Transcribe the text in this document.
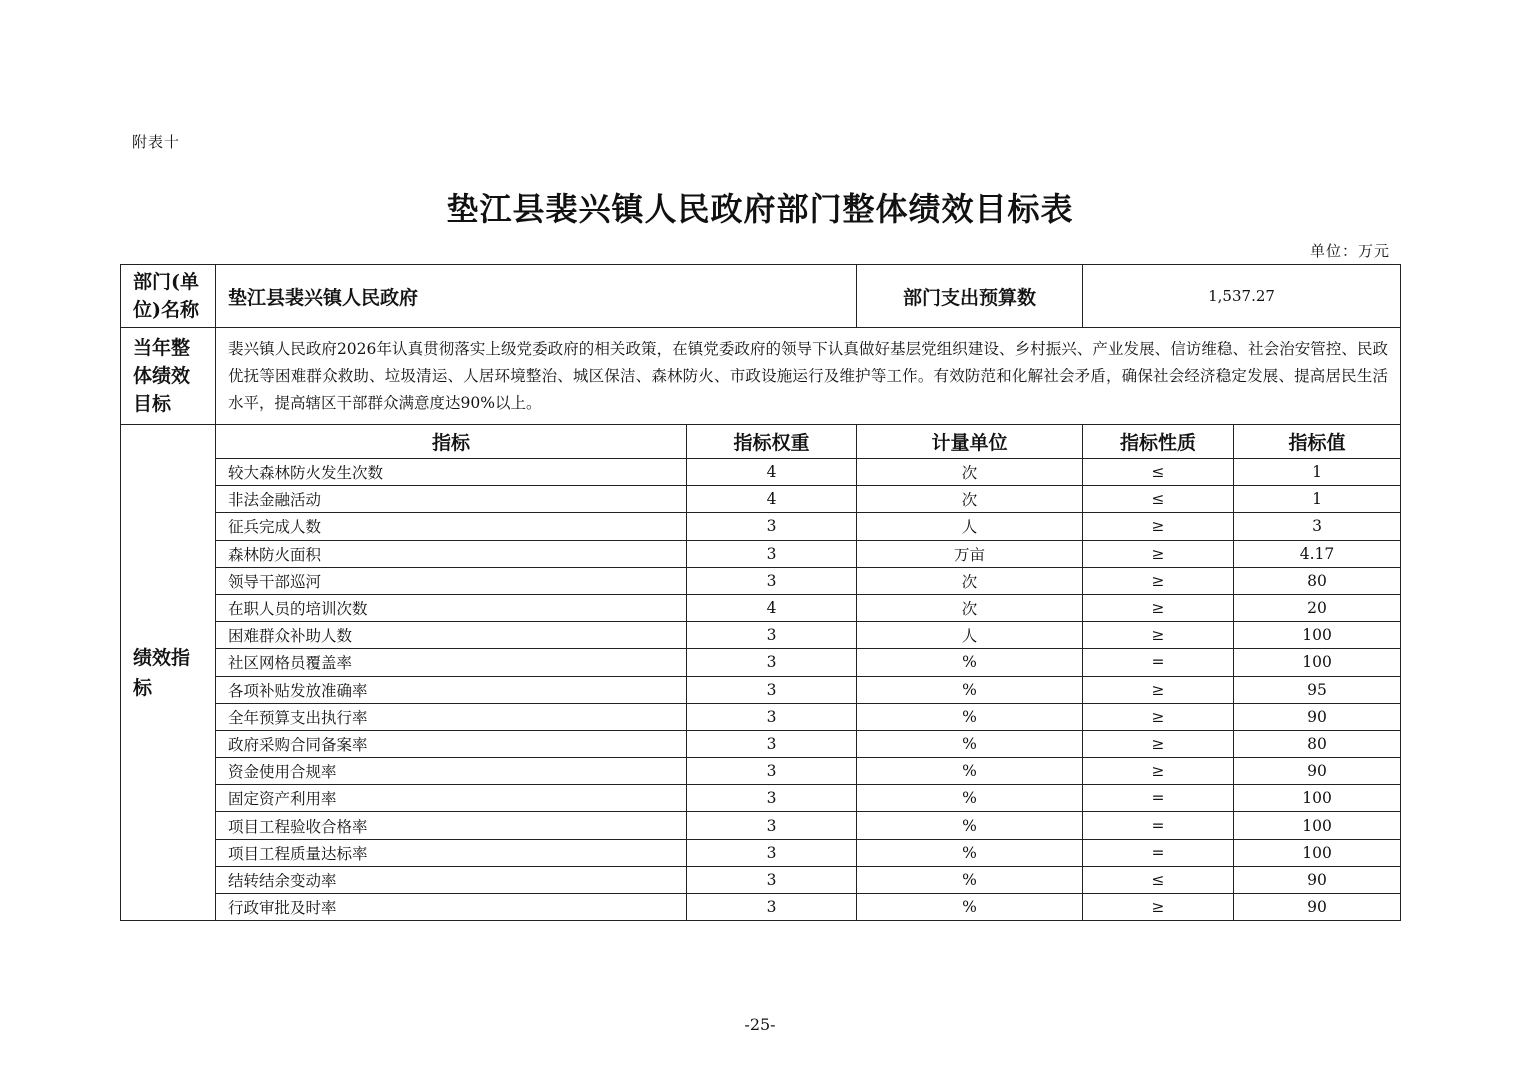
附表十
垫江县裴兴镇人民政府部门整体绩效目标表
单位：万元
部门(单位)名称	垫江县裴兴镇人民政府		部门支出预算数	1,537.27	
当年整体绩效目标	裴兴镇人民政府2026年认真贯彻落实上级党委政府的相关政策，在镇党委政府的领导下认真做好基层党组织建设、乡村振兴、产业发展、信访维稳、社会治安管控、民政优抚等困难群众救助、垃圾清运、人居环境整治、城区保洁、森林防火、市政设施运行及维护等工作。有效防范和化解社会矛盾，确保社会经济稳定发展、提高居民生活水平，提高辖区干部群众满意度达90%以上。				
绩效指标	指标	指标权重	计量单位	指标性质	指标值
	较大森林防火发生次数	4	次	≤	1
	非法金融活动	4	次	≤	1
	征兵完成人数	3	人	≥	3
	森林防火面积	3	万亩	≥	4.17
	领导干部巡河	3	次	≥	80
	在职人员的培训次数	4	次	≥	20
	困难群众补助人数	3	人	≥	100
	社区网格员覆盖率	3	%	=	100
	各项补贴发放准确率	3	%	≥	95
	全年预算支出执行率	3	%	≥	90
	政府采购合同备案率	3	%	≥	80
	资金使用合规率	3	%	≥	90
	固定资产利用率	3	%	=	100
	项目工程验收合格率	3	%	=	100
	项目工程质量达标率	3	%	=	100
	结转结余变动率	3	%	≤	90
	行政审批及时率	3	%	≥	90
-25-
